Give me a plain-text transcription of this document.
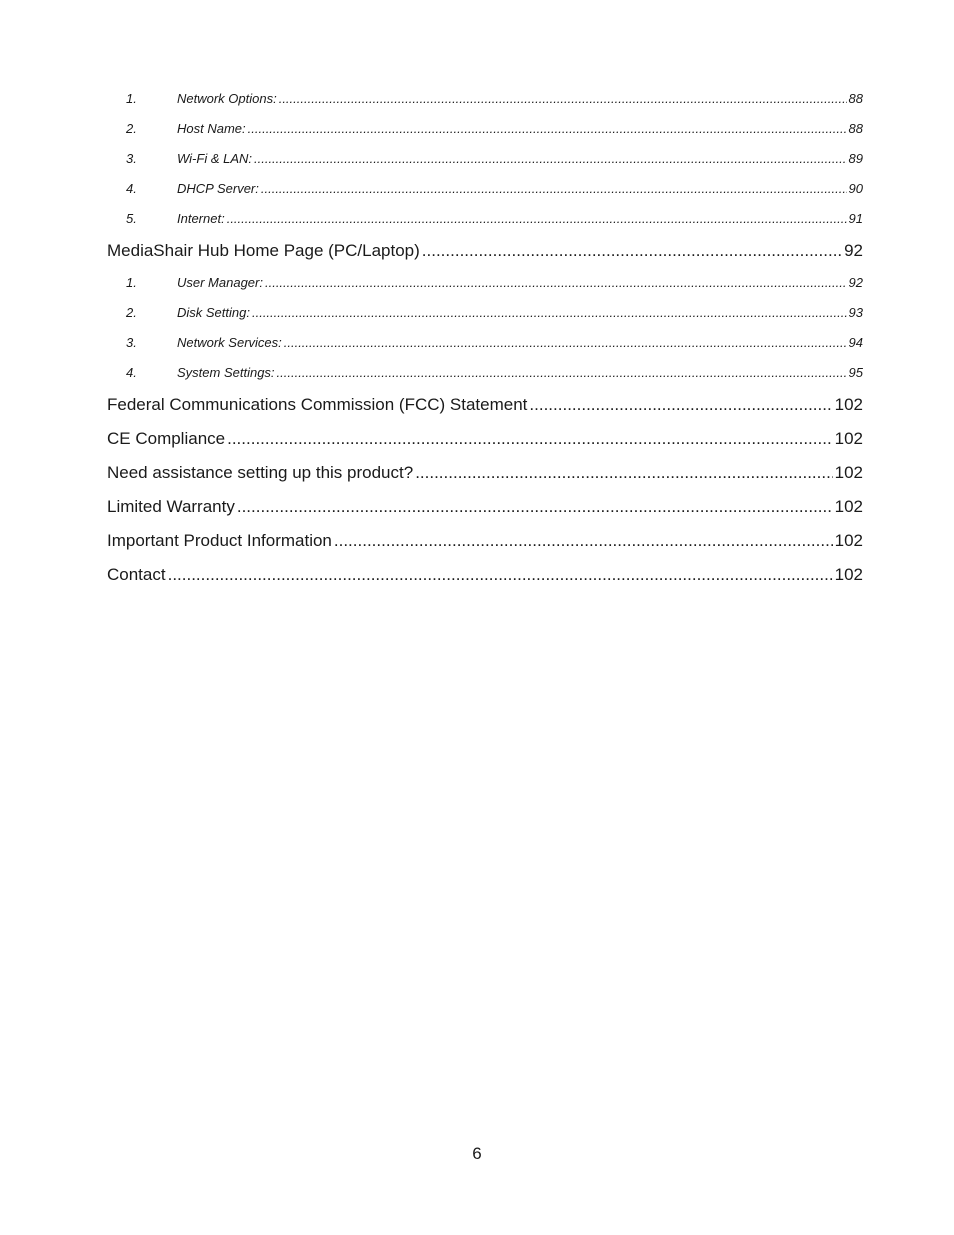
1.	Network Options: .....	88
2.	Host Name: .....	88
3.	Wi-Fi & LAN: .....	89
4.	DHCP Server: .....	90
5.	Internet: .....	91
MediaShair Hub Home Page (PC/Laptop) .....	92
1.	User Manager: .....	92
2.	Disk Setting: .....	93
3.	Network Services: .....	94
4.	System Settings: .....	95
Federal Communications Commission (FCC) Statement .....	102
CE Compliance .....	102
Need assistance setting up this product? .....	102
Limited Warranty .....	102
Important Product Information .....	102
Contact .....	102
6
